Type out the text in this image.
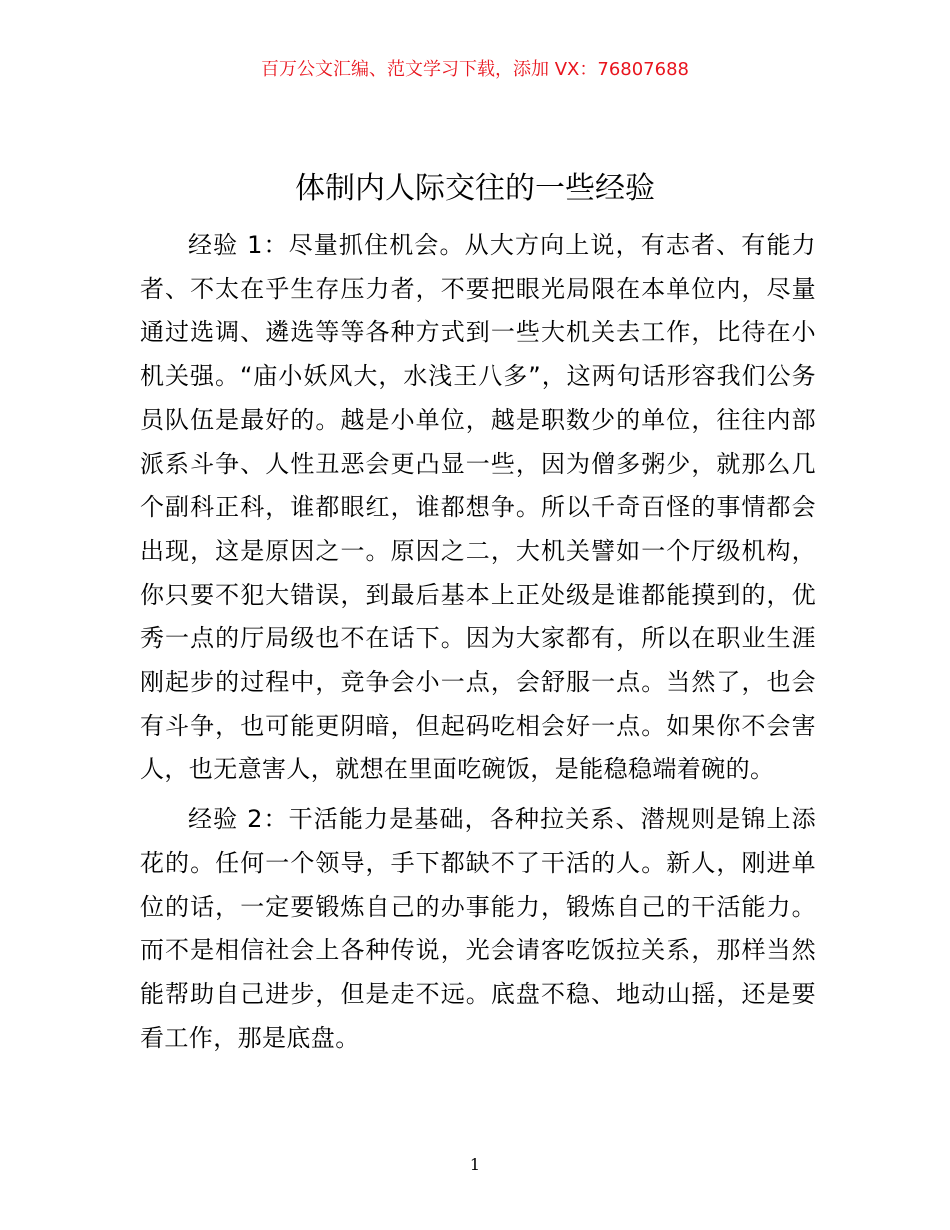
百万公文汇编、范文学习下载，添加 VX：76807688
体制内人际交往的一些经验

经验 1：尽量抓住机会。从大方向上说，有志者、有能力者、不太在乎生存压力者，不要把眼光局限在本单位内，尽量通过选调、遴选等等各种方式到一些大机关去工作，比待在小机关强。“庙小妖风大，水浅王八多”，这两句话形容我们公务员队伍是最好的。越是小单位，越是职数少的单位，往往内部派系斗争、人性丑恶会更凸显一些，因为僧多粥少，就那么几个副科正科，谁都眼红，谁都想争。所以千奇百怪的事情都会出现，这是原因之一。原因之二，大机关譬如一个厅级机构，你只要不犯大错误，到最后基本上正处级是谁都能摸到的，优秀一点的厅局级也不在话下。因为大家都有，所以在职业生涯刚起步的过程中，竞争会小一点，会舒服一点。当然了，也会有斗争，也可能更阴暗，但起码吃相会好一点。如果你不会害人，也无意害人，就想在里面吃碗饭，是能稳稳端着碗的。

经验 2：干活能力是基础，各种拉关系、潜规则是锦上添花的。任何一个领导，手下都缺不了干活的人。新人，刚进单位的话，一定要锻炼自己的办事能力，锻炼自己的干活能力。而不是相信社会上各种传说，光会请客吃饭拉关系，那样当然能帮助自己进步，但是走不远。底盘不稳、地动山摇，还是要看工作，那是底盘。

1
